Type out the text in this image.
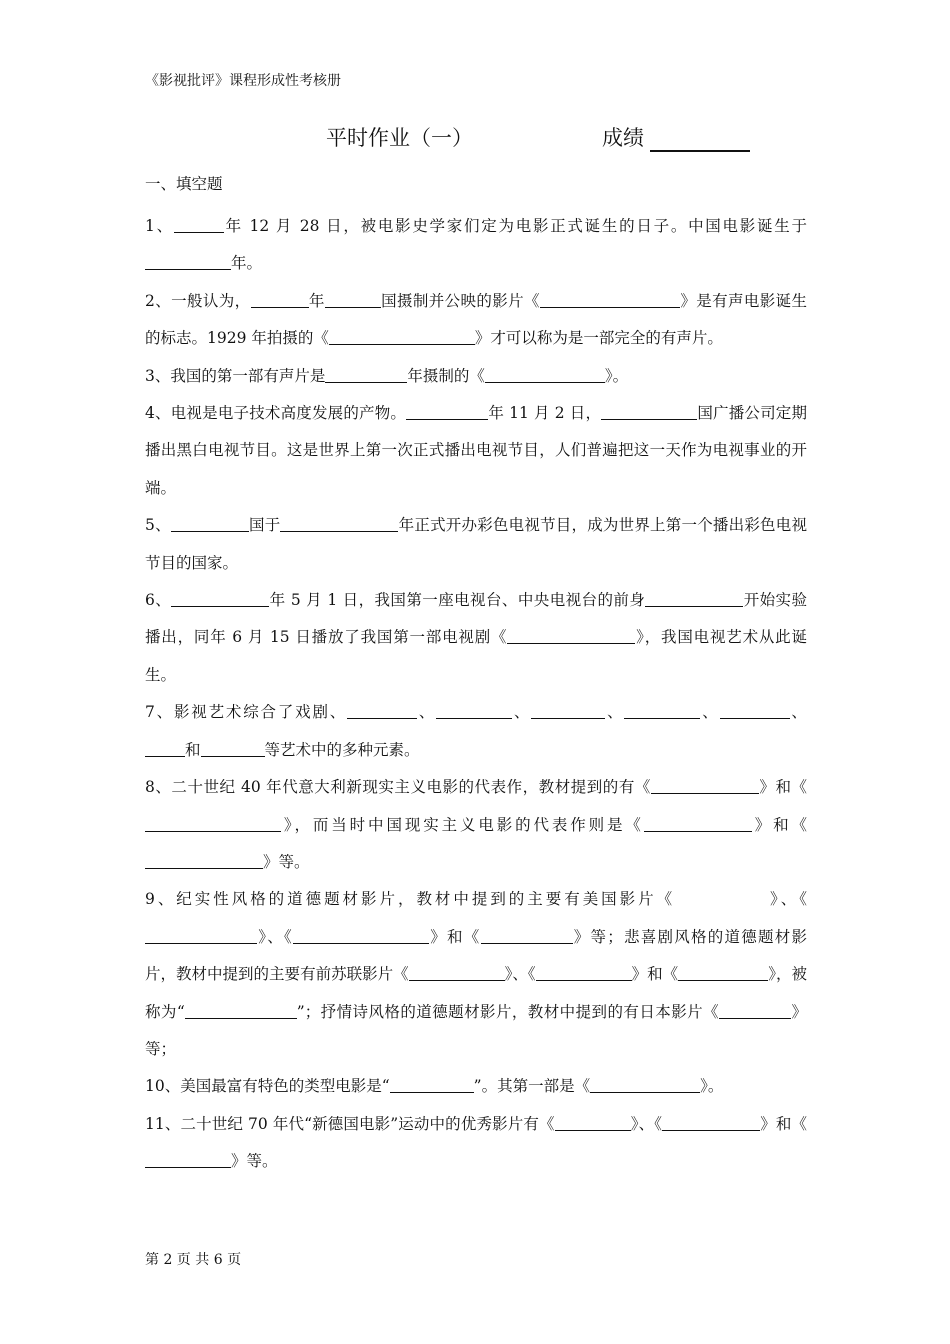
《影视批评》课程形成性考核册
平时作业（一）	成绩
一、填空题

1、	年 12 月 28 日，被电影史学家们定为电影正式诞生的日子。中国电影诞生于年。

2、一般认为，	年	国摄制并公映的影片《	》是有声电影诞生的标志。1929 年拍摄的《	》才可以称为是一部完全的有声片。

3、我国的第一部有声片是	年摄制的《	》。

4、电视是电子技术高度发展的产物。	年 11 月 2 日，	国广播公司定期播出黑白电视节目。这是世界上第一次正式播出电视节目，人们普遍把这一天作为电视事业的开端。

5、	国于	年正式开办彩色电视节目，成为世界上第一个播出彩色电视节目的国家。

6、	年 5 月 1 日，我国第一座电视台、中央电视台的前身	开始实验播出，同年 6 月 15 日播放了我国第一部电视剧《	》，我国电视艺术从此诞生。

7、影视艺术综合了戏剧、	、	、	、	、	、和	等艺术中的多种元素。

8、二十世纪 40 年代意大利新现实主义电影的代表作，教材提到的有《	》和《》，而当时中国现实主义电影的代表作则是《	》和《》等。

9、纪实性风格的道德题材影片，教材中提到的主要有美国影片《	》、《》、《	》和《	》等；悲喜剧风格的道德题材影片，教材中提到的主要有前苏联影片《	》、《	》和《	》，被称为“	”；抒情诗风格的道德题材影片，教材中提到的有日本影片《	》等；

10、美国最富有特色的类型电影是“	”。其第一部是《	》。

11、二十世纪 70 年代“新德国电影”运动中的优秀影片有《	》、《	》和《》等。

第 2 页 共 6 页
